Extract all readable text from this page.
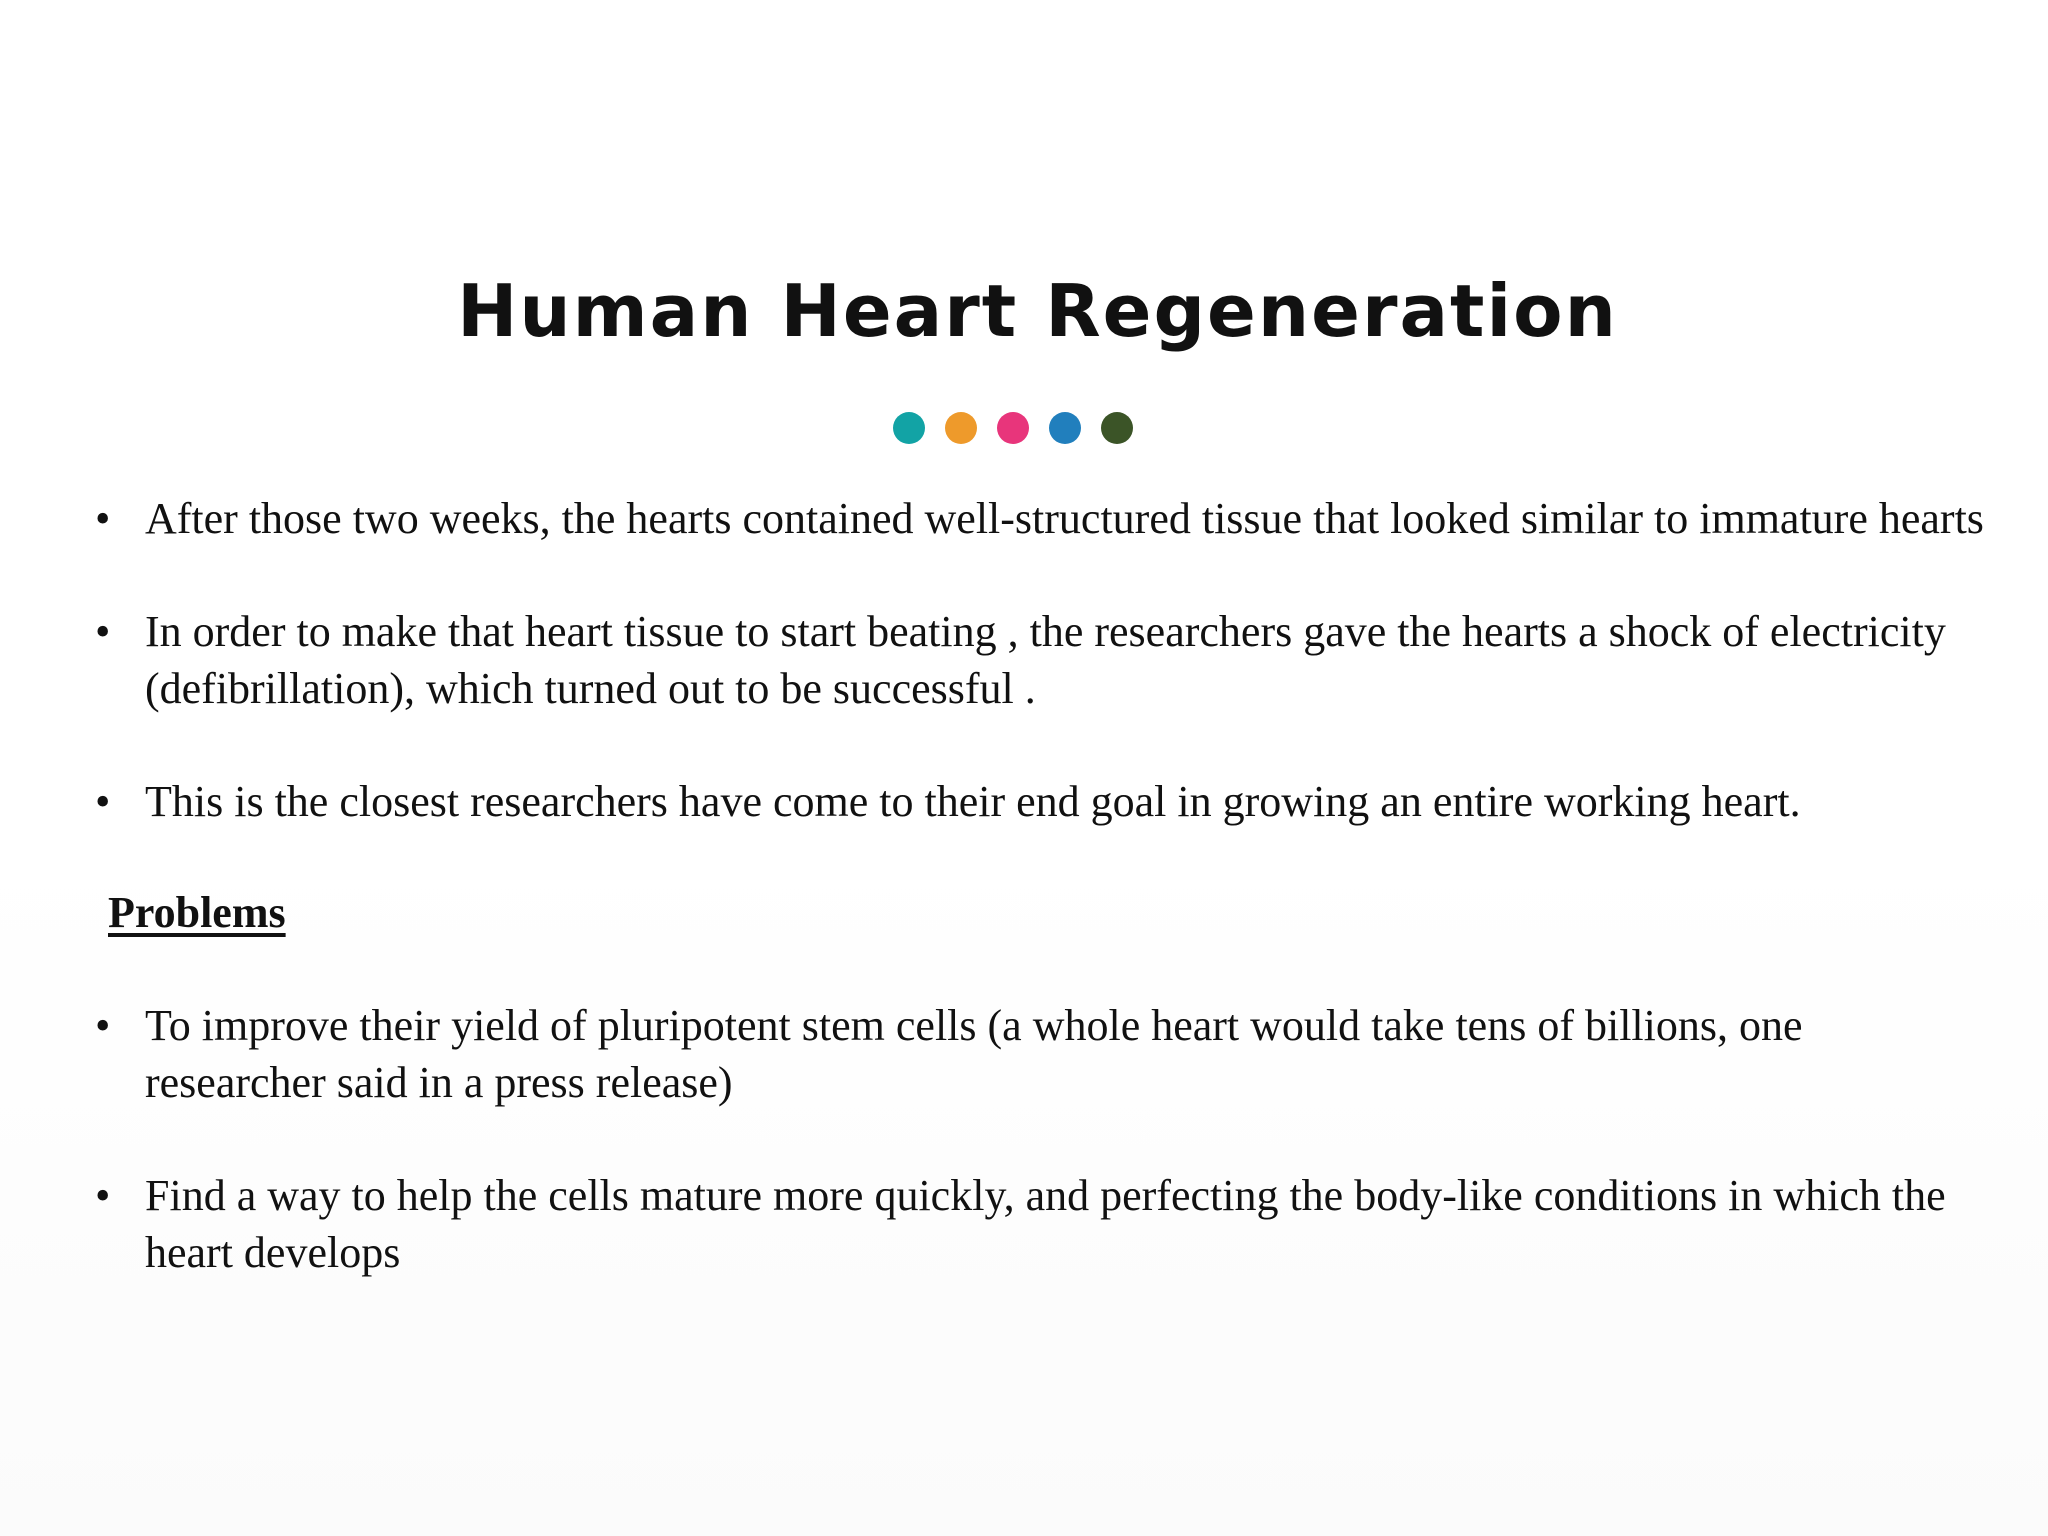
Human Heart Regeneration
• After those two weeks, the hearts contained well-structured tissue that looked similar to immature hearts
• In order to make that heart tissue to start beating , the researchers gave the hearts a shock of electricity (defibrillation), which turned out to be successful .
• This is the closest researchers have come to their end goal in growing an entire working heart.
Problems
• To improve their yield of pluripotent stem cells (a whole heart would take tens of billions, one researcher said in a press release)
• Find a way to help the cells mature more quickly, and perfecting the body-like conditions in which the heart develops
